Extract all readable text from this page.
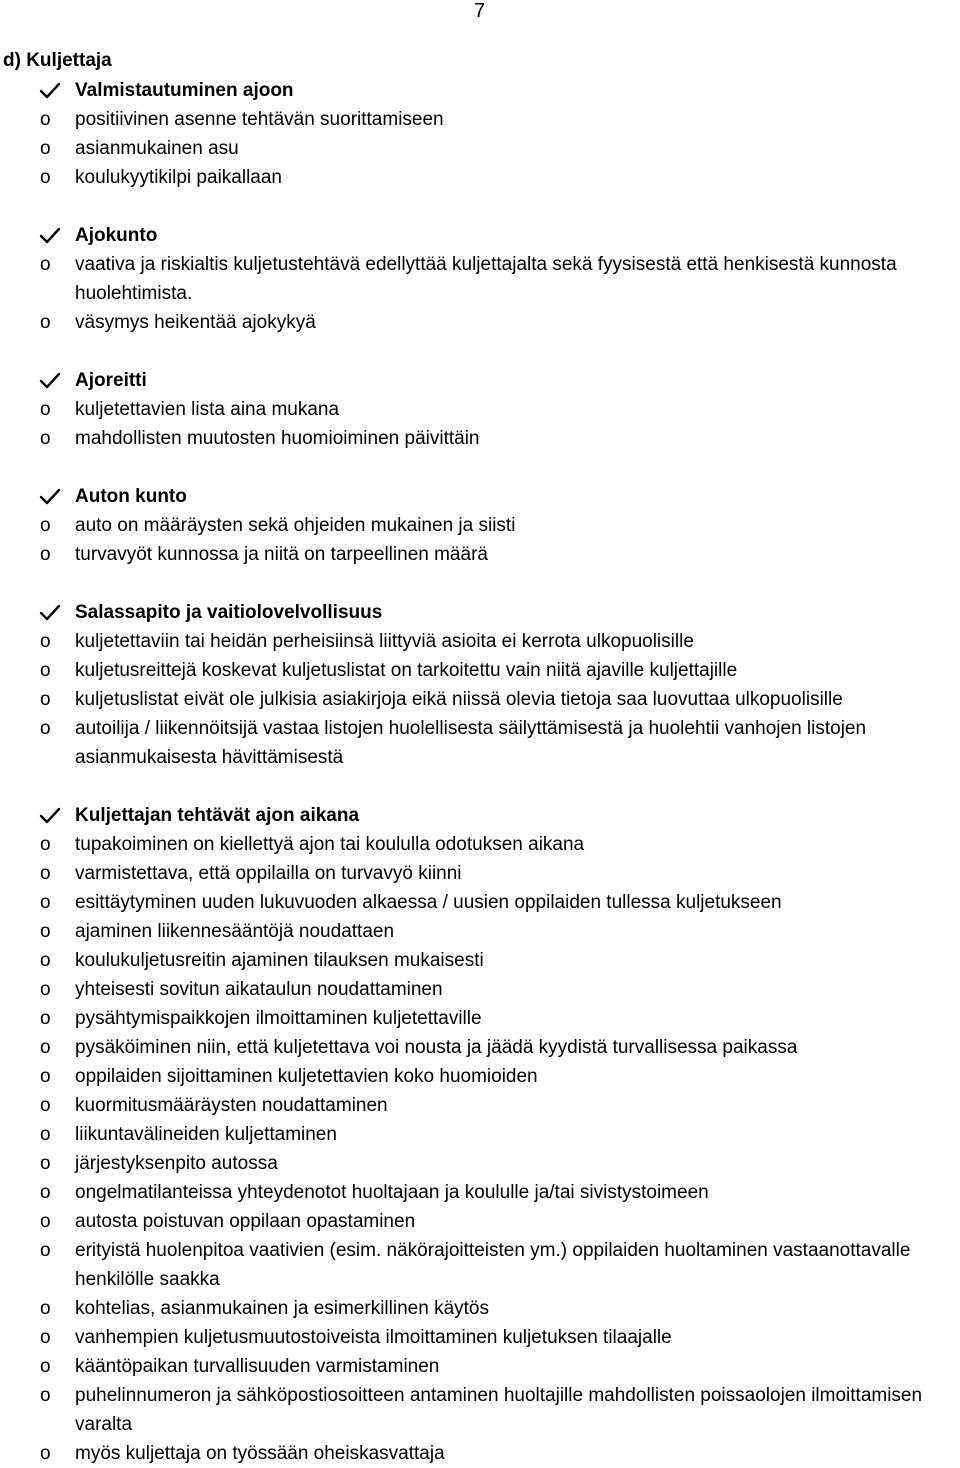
7
d) Kuljettaja
Valmistautuminen ajoon
o positiivinen asenne tehtävän suorittamiseen
o asianmukainen asu
o koulukyytikilpi paikallaan
Ajokunto
o vaativa ja riskialtis kuljetustehtävä edellyttää kuljettajalta sekä fyysisestä että henkisestä kunnosta huolehtimista.
o väsymys heikentää ajokykyä
Ajoreitti
o kuljetettavien lista aina mukana
o mahdollisten muutosten huomioiminen päivittäin
Auton kunto
o auto on määräysten sekä ohjeiden mukainen ja siisti
o turvavyöt kunnossa ja niitä on tarpeellinen määrä
Salassapito ja vaitiolovelvollisuus
o kuljetettaviin tai heidän perheisiinsä liittyviä asioita ei kerrota ulkopuolisille
o kuljetusreittejä koskevat kuljetuslistat on tarkoitettu vain niitä ajaville kuljettajille
o kuljetuslistat eivät ole julkisia asiakirjoja eikä niissä olevia tietoja saa luovuttaa ulkopuolisille
o autoilija / liikennöitsijä vastaa listojen huolellisesta säilyttämisestä ja huolehtii vanhojen listojen asianmukaisesta hävittämisestä
Kuljettajan tehtävät ajon aikana
o tupakoiminen on kiellettyä ajon tai koululla odotuksen aikana
o varmistettava, että oppilailla on turvavyö kiinni
o esittäytyminen uuden lukuvuoden alkaessa / uusien oppilaiden tullessa kuljetukseen
o ajaminen liikennesääntöjä noudattaen
o koulukuljetusreitin ajaminen tilauksen mukaisesti
o yhteisesti sovitun aikataulun noudattaminen
o pysähtymispaikkojen ilmoittaminen kuljetettaville
o pysäköiminen niin, että kuljetettava voi nousta ja jäädä kyydistä turvallisessa paikassa
o oppilaiden sijoittaminen kuljetettavien koko huomioiden
o kuormitusmääräysten noudattaminen
o liikuntavälineiden kuljettaminen
o järjestyksenpito autossa
o ongelmatilanteissa yhteydenotot huoltajaan ja koululle ja/tai sivistystoimeen
o autosta poistuvan oppilaan opastaminen
o erityistä huolenpitoa vaativien (esim. näkörajoitteisten ym.) oppilaiden huoltaminen vastaanottavalle henkilölle saakka
o kohtelias, asianmukainen ja esimerkillinen käytös
o vanhempien kuljetusmuutostoiveista ilmoittaminen kuljetuksen tilaajalle
o kääntöpaikan turvallisuuden varmistaminen
o puhelinnumeron ja sähköpostiosoitteen antaminen huoltajille mahdollisten poissaolojen ilmoittamisen varalta
o myös kuljettaja on työssään oheiskasvattaja
